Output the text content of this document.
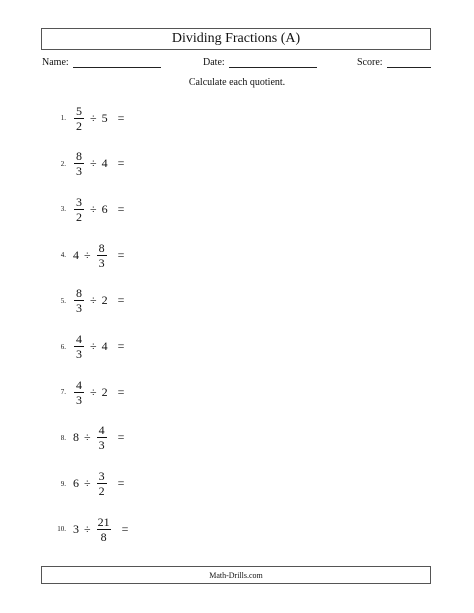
Dividing Fractions (A)
Name:	Date:	Score:
Calculate each quotient.
1. $\frac{5}{2} \div 5$ =
2. $\frac{8}{3} \div 4$ =
3. $\frac{3}{2} \div 6$ =
4. $4 \div \frac{8}{3}$ =
5. $\frac{8}{3} \div 2$ =
6. $\frac{4}{3} \div 4$ =
7. $\frac{4}{3} \div 2$ =
8. $8 \div \frac{4}{3}$ =
9. $6 \div \frac{3}{2}$ =
10. $3 \div \frac{21}{8}$ =
Math-Drills.com
